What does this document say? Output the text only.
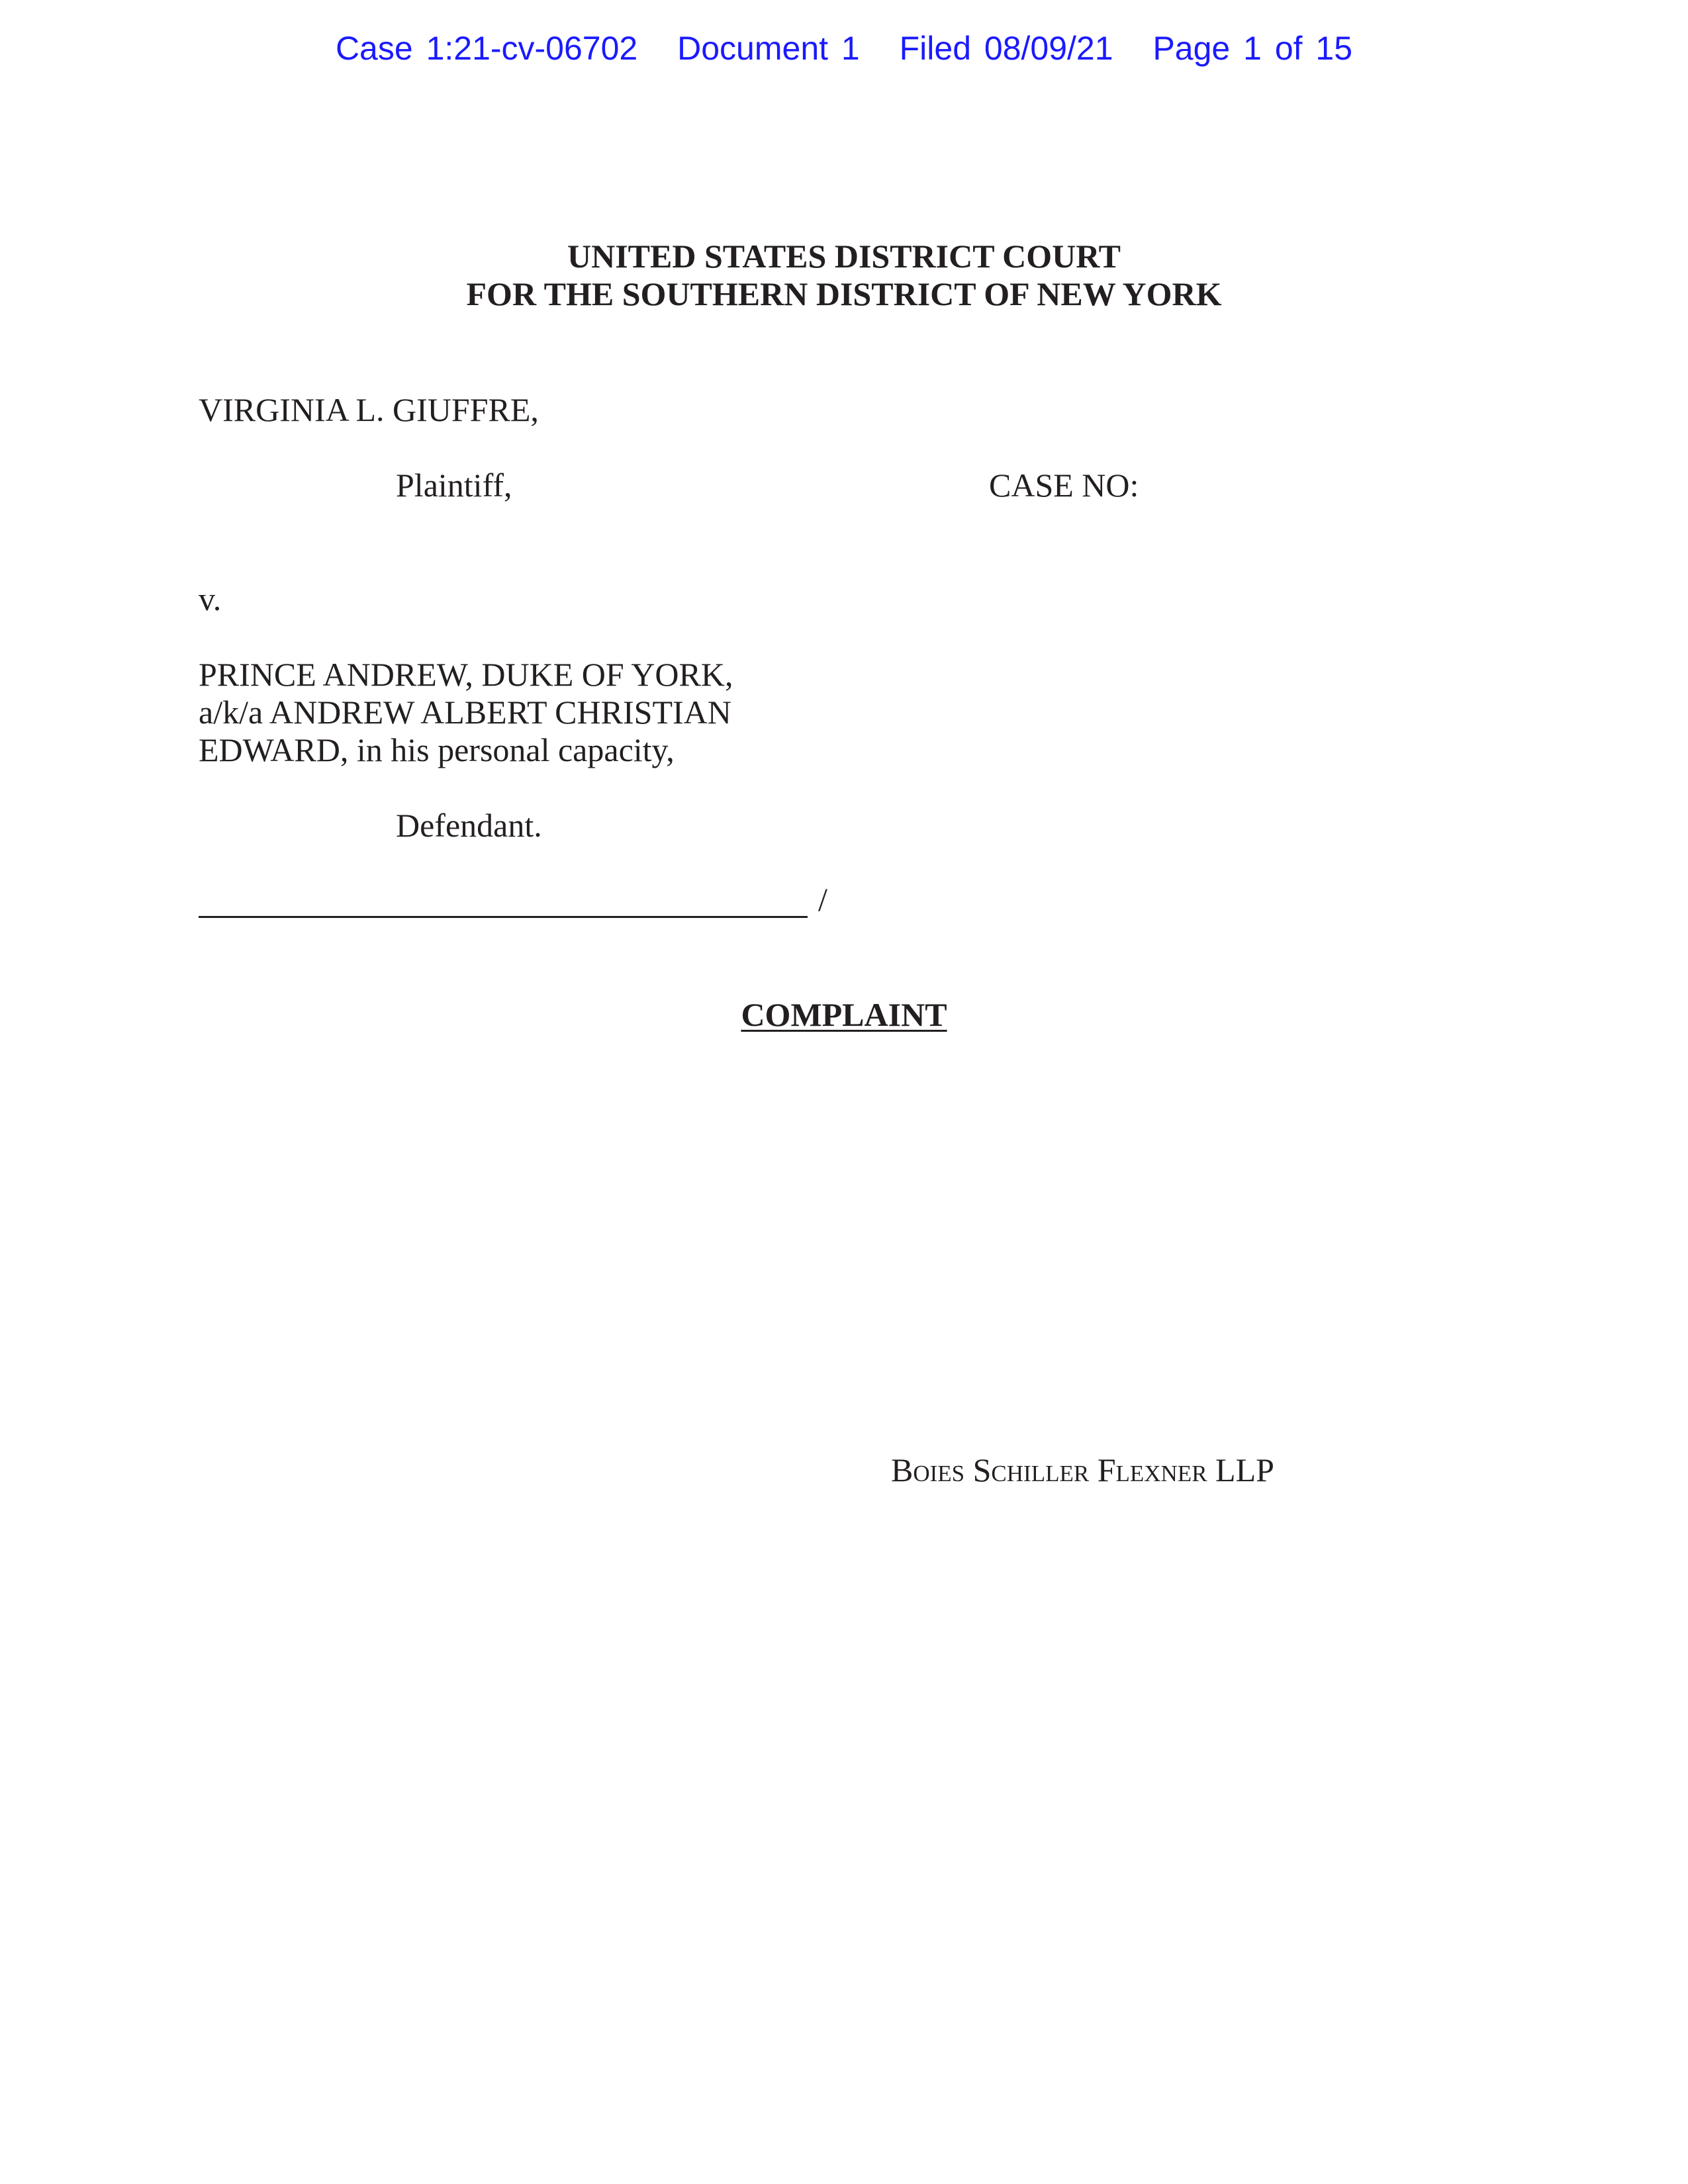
Case 1:21-cv-06702 Document 1 Filed 08/09/21 Page 1 of 15
UNITED STATES DISTRICT COURT
FOR THE SOUTHERN DISTRICT OF NEW YORK
VIRGINIA L. GIUFFRE,
Plaintiff,	CASE NO:
v.
PRINCE ANDREW, DUKE OF YORK,
a/k/a ANDREW ALBERT CHRISTIAN
EDWARD, in his personal capacity,
Defendant.
/
COMPLAINT
Boies Schiller Flexner LLP
